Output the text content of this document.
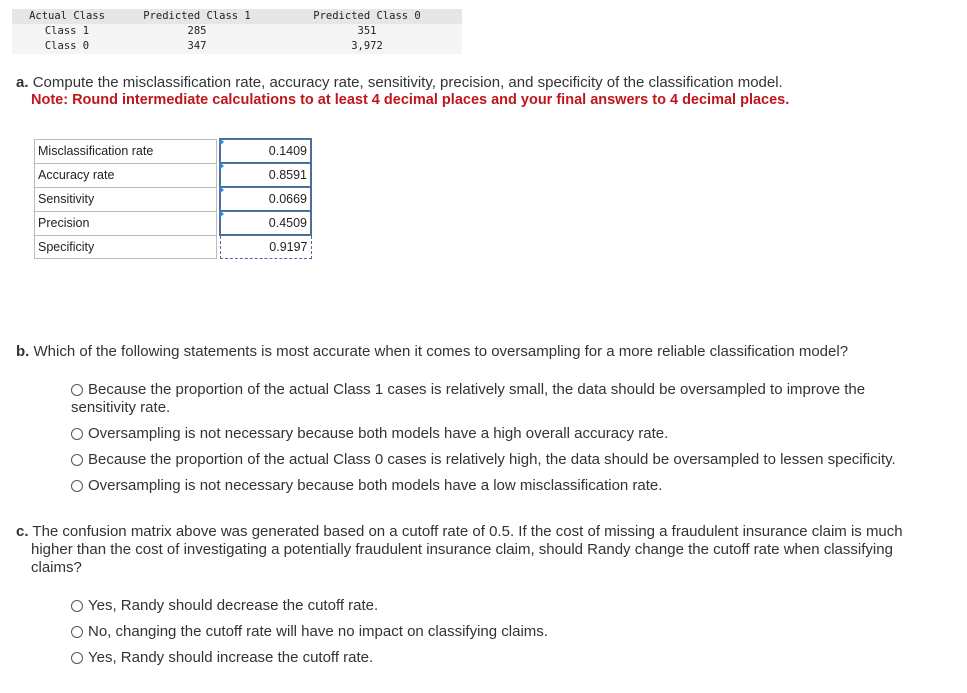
Actual Class	Predicted Class 1	Predicted Class 0
Class 1	285	351
Class 0	347	3,972
a. Compute the misclassification rate, accuracy rate, sensitivity, precision, and specificity of the classification model.
Note: Round intermediate calculations to at least 4 decimal places and your final answers to 4 decimal places.
Misclassification rate		0.1409
Accuracy rate		0.8591
Sensitivity		0.0669
Precision		0.4509
Specificity		0.9197
b. Which of the following statements is most accurate when it comes to oversampling for a more reliable classification model?
Because the proportion of the actual Class 1 cases is relatively small, the data should be oversampled to improve the
sensitivity rate.
Oversampling is not necessary because both models have a high overall accuracy rate.
Because the proportion of the actual Class 0 cases is relatively high, the data should be oversampled to lessen specificity.
Oversampling is not necessary because both models have a low misclassification rate.
c. The confusion matrix above was generated based on a cutoff rate of 0.5. If the cost of missing a fraudulent insurance claim is much
higher than the cost of investigating a potentially fraudulent insurance claim, should Randy change the cutoff rate when classifying
claims?
Yes, Randy should decrease the cutoff rate.
No, changing the cutoff rate will have no impact on classifying claims.
Yes, Randy should increase the cutoff rate.
